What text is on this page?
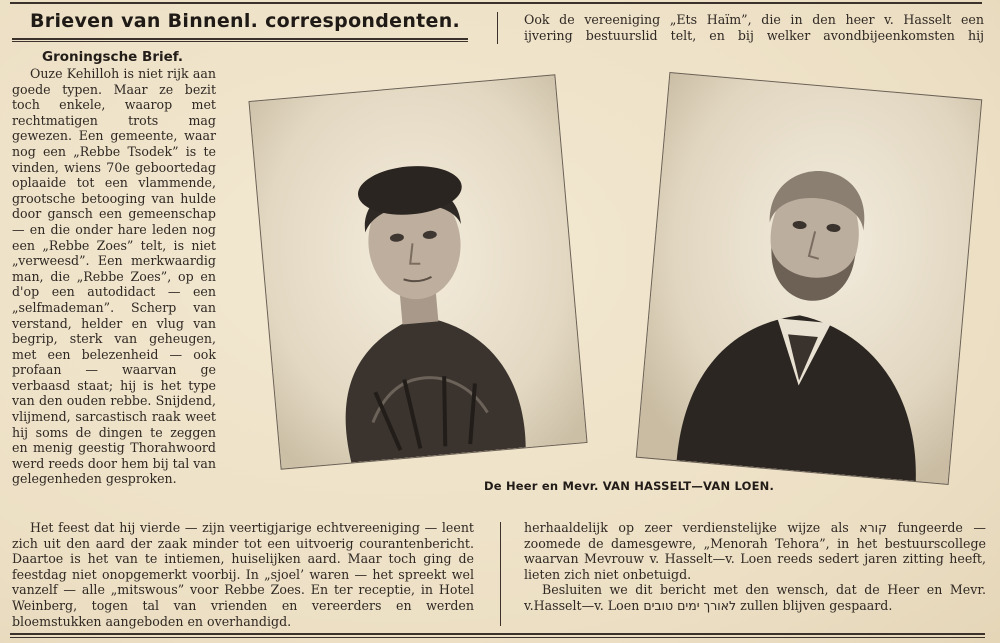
Brieven van Binnenl. correspondenten.	Ook de vereeniging „Ets Haïm”, die in den heer v. Hasselt een
ijvering bestuurslid telt, en bij welker avondbijeenkomsten hij
Groningsche Brief.

Ouze Kehilloh is niet rijk aan goede typen. Maar ze bezit toch enkele, waarop met rechtmatigen trots mag gewezen. Een gemeente, waar nog een „Rebbe Tsodek” is te vinden, wiens 70e geboortedag oplaaide tot een vlammende, grootsche betooging van hulde door gansch een gemeenschap — en die onder hare leden nog een „Rebbe Zoes” telt, is niet „verweesd”. Een merkwaardig man, die „Rebbe Zoes”, op en d'op een autodidact — een „selfmademan”. Scherp van verstand, helder en vlug van begrip, sterk van geheugen, met een belezenheid — ook profaan — waarvan ge verbaasd staat; hij is het type van den ouden rebbe. Snijdend, vlijmend, sarcastisch raak weet hij soms de dingen te zeggen en menig geestig Thorahwoord werd reeds door hem bij tal van gelegenheden gesproken.	De Heer en Mevr. VAN HASSELT—VAN LOEN.

Het feest dat hij vierde — zijn veertigjarige echtvereeniging — leent zich uit den aard der zaak minder tot een uitvoerig courantenbericht. Daartoe is het van te intiemen, huiselijken aard. Maar toch ging de feestdag niet onopgemerkt voorbij. In „sjoel’ waren — het spreekt wel vanzelf — alle „mitswous” voor Rebbe Zoes. En ter receptie, in Hotel Weinberg, togen tal van vrienden en vereerders en werden bloemstukken aangeboden en overhandigd.

herhaaldelijk op zeer verdienstelijke wijze als קורא fungeerde — zoomede de damesgewre, „Menorah Tehora”, in het bestuurscollege waarvan Mevrouw v. Hasselt—v. Loen reeds sedert jaren zitting heeft, lieten zich niet onbetuigd.

Besluiten we dit bericht met den wensch, dat de Heer en Mevr. v.Hasselt—v. Loen לאורך ימים טובים zullen blijven gespaard.
